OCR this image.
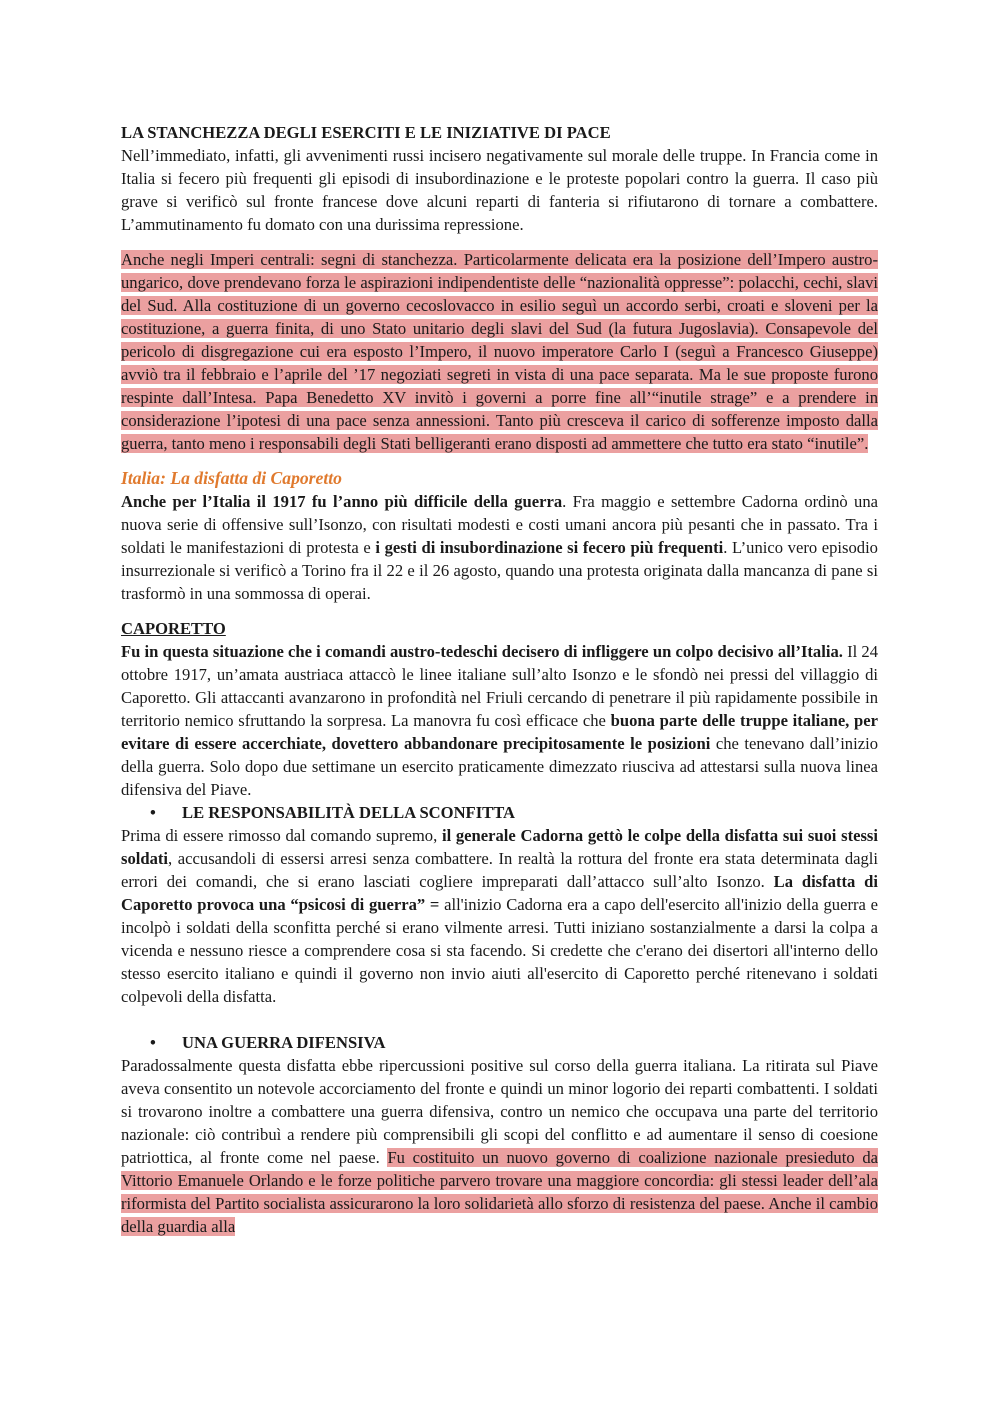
LA STANCHEZZA DEGLI ESERCITI E LE INIZIATIVE DI PACE

Nell’immediato, infatti, gli avvenimenti russi incisero negativamente sul morale delle truppe. In Francia come in Italia si fecero più frequenti gli episodi di insubordinazione e le proteste popolari contro la guerra. Il caso più grave si verificò sul fronte francese dove alcuni reparti di fanteria si rifiutarono di tornare a combattere. L’ammutinamento fu domato con una durissima repressione.

Anche negli Imperi centrali: segni di stanchezza. Particolarmente delicata era la posizione dell’Impero austro-ungarico, dove prendevano forza le aspirazioni indipendentiste delle “nazionalità oppresse”: polacchi, cechi, slavi del Sud. Alla costituzione di un governo cecoslovacco in esilio seguì un accordo serbi, croati e sloveni per la costituzione, a guerra finita, di uno Stato unitario degli slavi del Sud (la futura Jugoslavia). Consapevole del pericolo di disgregazione cui era esposto l’Impero, il nuovo imperatore Carlo I (seguì a Francesco Giuseppe) avviò tra il febbraio e l’aprile del ’17 negoziati segreti in vista di una pace separata. Ma le sue proposte furono respinte dall’Intesa. Papa Benedetto XV invitò i governi a porre fine all’“inutile strage” e a prendere in considerazione l’ipotesi di una pace senza annessioni. Tanto più cresceva il carico di sofferenze imposto dalla guerra, tanto meno i responsabili degli Stati belligeranti erano disposti ad ammettere che tutto era stato “inutile”.

Italia: La disfatta di Caporetto

Anche per l’Italia il 1917 fu l’anno più difficile della guerra. Fra maggio e settembre Cadorna ordinò una nuova serie di offensive sull’Isonzo, con risultati modesti e costi umani ancora più pesanti che in passato. Tra i soldati le manifestazioni di protesta e i gesti di insubordinazione si fecero più frequenti. L’unico vero episodio insurrezionale si verificò a Torino fra il 22 e il 26 agosto, quando una protesta originata dalla mancanza di pane si trasformò in una sommossa di operai.

CAPORETTO

Fu in questa situazione che i comandi austro-tedeschi decisero di infliggere un colpo decisivo all’Italia. Il 24 ottobre 1917, un’amata austriaca attaccò le linee italiane sull’alto Isonzo e le sfondò nei pressi del villaggio di Caporetto. Gli attaccanti avanzarono in profondità nel Friuli cercando di penetrare il più rapidamente possibile in territorio nemico sfruttando la sorpresa. La manovra fu così efficace che buona parte delle truppe italiane, per evitare di essere accerchiate, dovettero abbandonare precipitosamente le posizioni che tenevano dall’inizio della guerra. Solo dopo due settimane un esercito praticamente dimezzato riusciva ad attestarsi sulla nuova linea difensiva del Piave.

• LE RESPONSABILITÀ DELLA SCONFITTA

Prima di essere rimosso dal comando supremo, il generale Cadorna gettò le colpe della disfatta sui suoi stessi soldati, accusandoli di essersi arresi senza combattere. In realtà la rottura del fronte era stata determinata dagli errori dei comandi, che si erano lasciati cogliere impreparati dall’attacco sull’alto Isonzo. La disfatta di Caporetto provoca una “psicosi di guerra” = all'inizio Cadorna era a capo dell'esercito all'inizio della guerra e incolpò i soldati della sconfitta perché si erano vilmente arresi. Tutti iniziano sostanzialmente a darsi la colpa a vicenda e nessuno riesce a comprendere cosa si sta facendo. Si credette che c'erano dei disertori all'interno dello stesso esercito italiano e quindi il governo non invio aiuti all'esercito di Caporetto perché ritenevano i soldati colpevoli della disfatta.

• UNA GUERRA DIFENSIVA

Paradossalmente questa disfatta ebbe ripercussioni positive sul corso della guerra italiana. La ritirata sul Piave aveva consentito un notevole accorciamento del fronte e quindi un minor logorio dei reparti combattenti. I soldati si trovarono inoltre a combattere una guerra difensiva, contro un nemico che occupava una parte del territorio nazionale: ciò contribuì a rendere più comprensibili gli scopi del conflitto e ad aumentare il senso di coesione patriottica, al fronte come nel paese. Fu costituito un nuovo governo di coalizione nazionale presieduto da Vittorio Emanuele Orlando e le forze politiche parvero trovare una maggiore concordia: gli stessi leader dell’ala riformista del Partito socialista assicurarono la loro solidarietà allo sforzo di resistenza del paese. Anche il cambio della guardia alla
